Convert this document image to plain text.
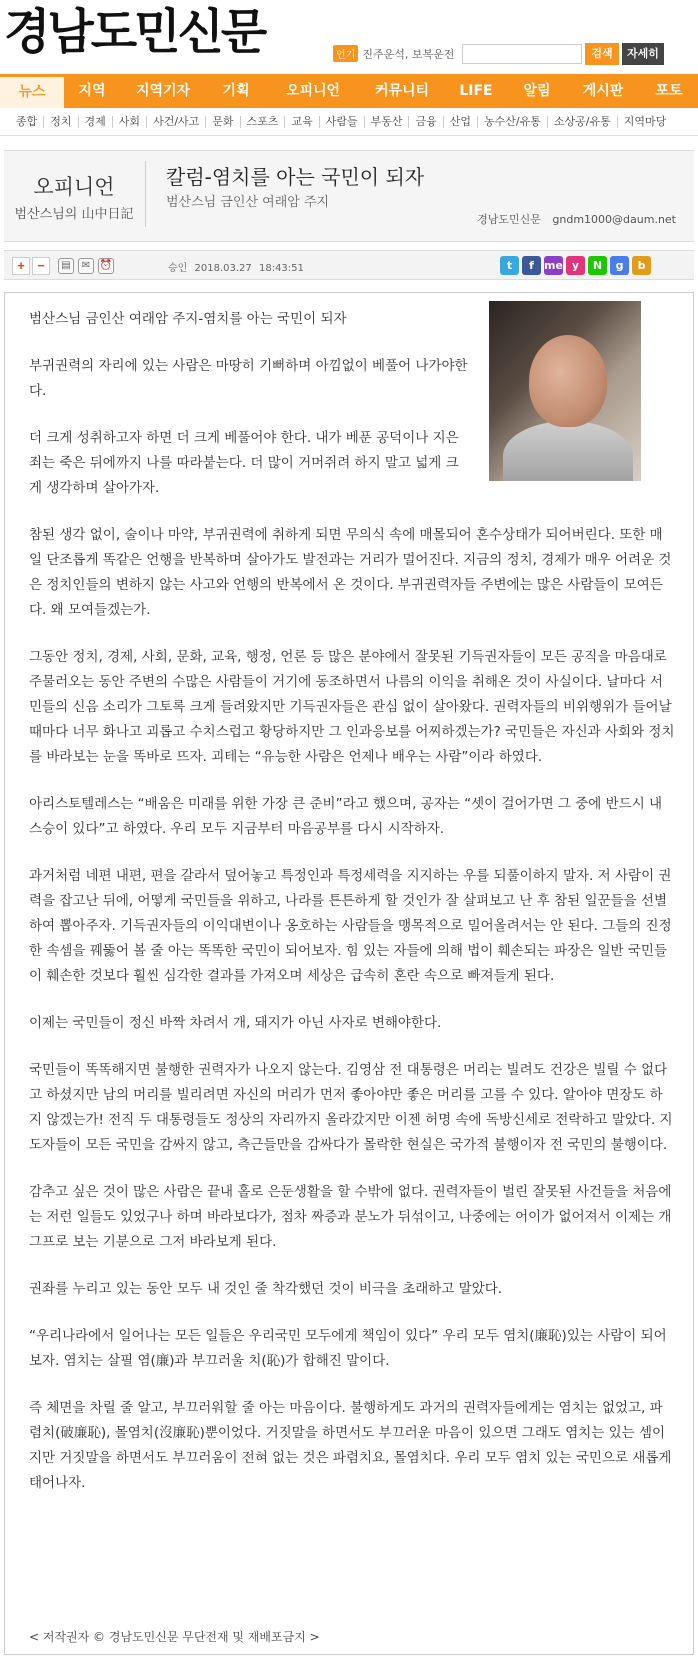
경남도민신문	인기 진주운석, 보복운전	검색	자세히
뉴스	지역	지역기자	기획	오피니언	커뮤니티	LIFE	알림	게시판	포토
종합	정치	경제	사회	사건/사고	문화	스포츠	교육	사람들	부동산	금융	산업	농수산/유통	소상공/유통	지역마당
오피니언
범산스님의 山中日記
칼럼-염치를 아는 국민이 되자
범산스님 금인산 여래암 주지
경남도민신문 gndm1000@daum.net
+ −	▤	✉ ⏰	승인 2018.03.27 18:43:51	t	f me y	N	g	b

범산스님 금인산 여래암 주지-염치를 아는 국민이 되자

부귀권력의 자리에 있는 사람은 마땅히 기뻐하며 아낌없이 베풀어 나가야한다.

더 크게 성취하고자 하면 더 크게 베풀어야 한다. 내가 베푼 공덕이나 지은 죄는 죽은 뒤에까지 나를 따라붙는다. 더 많이 거머쥐려 하지 말고 넓게 크게 생각하며 살아가자.

참된 생각 없이, 술이나 마약, 부귀권력에 취하게 되면 무의식 속에 매몰되어 혼수상태가 되어버린다. 또한 매일 단조롭게 똑같은 언행을 반복하며 살아가도 발전과는 거리가 멀어진다. 지금의 정치, 경제가 매우 어려운 것은 정치인들의 변하지 않는 사고와 언행의 반복에서 온 것이다. 부귀권력자들 주변에는 많은 사람들이 모여든다. 왜 모여들겠는가.

그동안 정치, 경제, 사회, 문화, 교육, 행정, 언론 등 많은 분야에서 잘못된 기득권자들이 모든 공직을 마음대로 주물러오는 동안 주변의 수많은 사람들이 거기에 동조하면서 나름의 이익을 취해온 것이 사실이다. 날마다 서민들의 신음 소리가 그토록 크게 들려왔지만 기득권자들은 관심 없이 살아왔다. 권력자들의 비위행위가 들어날 때마다 너무 화나고 괴롭고 수치스럽고 황당하지만 그 인과응보를 어찌하겠는가? 국민들은 자신과 사회와 정치를 바라보는 눈을 똑바로 뜨자. 괴테는 “유능한 사람은 언제나 배우는 사람”이라 하였다.

아리스토텔레스는 “배움은 미래를 위한 가장 큰 준비”라고 했으며, 공자는 “셋이 걸어가면 그 중에 반드시 내 스승이 있다”고 하였다. 우리 모두 지금부터 마음공부를 다시 시작하자.

과거처럼 네편 내편, 편을 갈라서 덮어놓고 특정인과 특정세력을 지지하는 우를 되풀이하지 말자. 저 사람이 권력을 잡고난 뒤에, 어떻게 국민들을 위하고, 나라를 튼튼하게 할 것인가 잘 살펴보고 난 후 참된 일꾼들을 선별하여 뽑아주자. 기득권자들의 이익대변이나 옹호하는 사람들을 맹목적으로 밀어올려서는 안 된다. 그들의 진정한 속셈을 꿰뚫어 볼 줄 아는 똑똑한 국민이 되어보자. 힘 있는 자들에 의해 법이 훼손되는 파장은 일반 국민들이 훼손한 것보다 훨씬 심각한 결과를 가져오며 세상은 급속히 혼란 속으로 빠져들게 된다.

이제는 국민들이 정신 바짝 차려서 개, 돼지가 아닌 사자로 변해야한다.

국민들이 똑똑해지면 불행한 권력자가 나오지 않는다. 김영삼 전 대통령은 머리는 빌려도 건강은 빌릴 수 없다고 하셨지만 남의 머리를 빌리려면 자신의 머리가 먼저 좋아야만 좋은 머리를 고를 수 있다. 알아야 면장도 하지 않겠는가! 전직 두 대통령들도 정상의 자리까지 올라갔지만 이젠 허명 속에 독방신세로 전락하고 말았다. 지도자들이 모든 국민을 감싸지 않고, 측근들만을 감싸다가 몰락한 현실은 국가적 불행이자 전 국민의 불행이다.

감추고 싶은 것이 많은 사람은 끝내 홀로 은둔생활을 할 수밖에 없다. 권력자들이 벌린 잘못된 사건들을 처음에는 저런 일들도 있었구나 하며 바라보다가, 점차 짜증과 분노가 뒤섞이고, 나중에는 어이가 없어져서 이제는 개그프로 보는 기분으로 그저 바라보게 된다.

권좌를 누리고 있는 동안 모두 내 것인 줄 착각했던 것이 비극을 초래하고 말았다.

“우리나라에서 일어나는 모든 일들은 우리국민 모두에게 책임이 있다” 우리 모두 염치(廉恥)있는 사람이 되어보자. 염치는 살필 염(廉)과 부끄러울 치(恥)가 합해진 말이다.

즉 체면을 차릴 줄 알고, 부끄러워할 줄 아는 마음이다. 불행하게도 과거의 권력자들에게는 염치는 없었고, 파렴치(破廉恥), 몰염치(沒廉恥)뿐이었다. 거짓말을 하면서도 부끄러운 마음이 있으면 그래도 염치는 있는 셈이지만 거짓말을 하면서도 부끄러움이 전혀 없는 것은 파렴치요, 몰염치다. 우리 모두 염치 있는 국민으로 새롭게 태어나자.

< 저작권자 © 경남도민신문 무단전재 및 재배포금지 >
